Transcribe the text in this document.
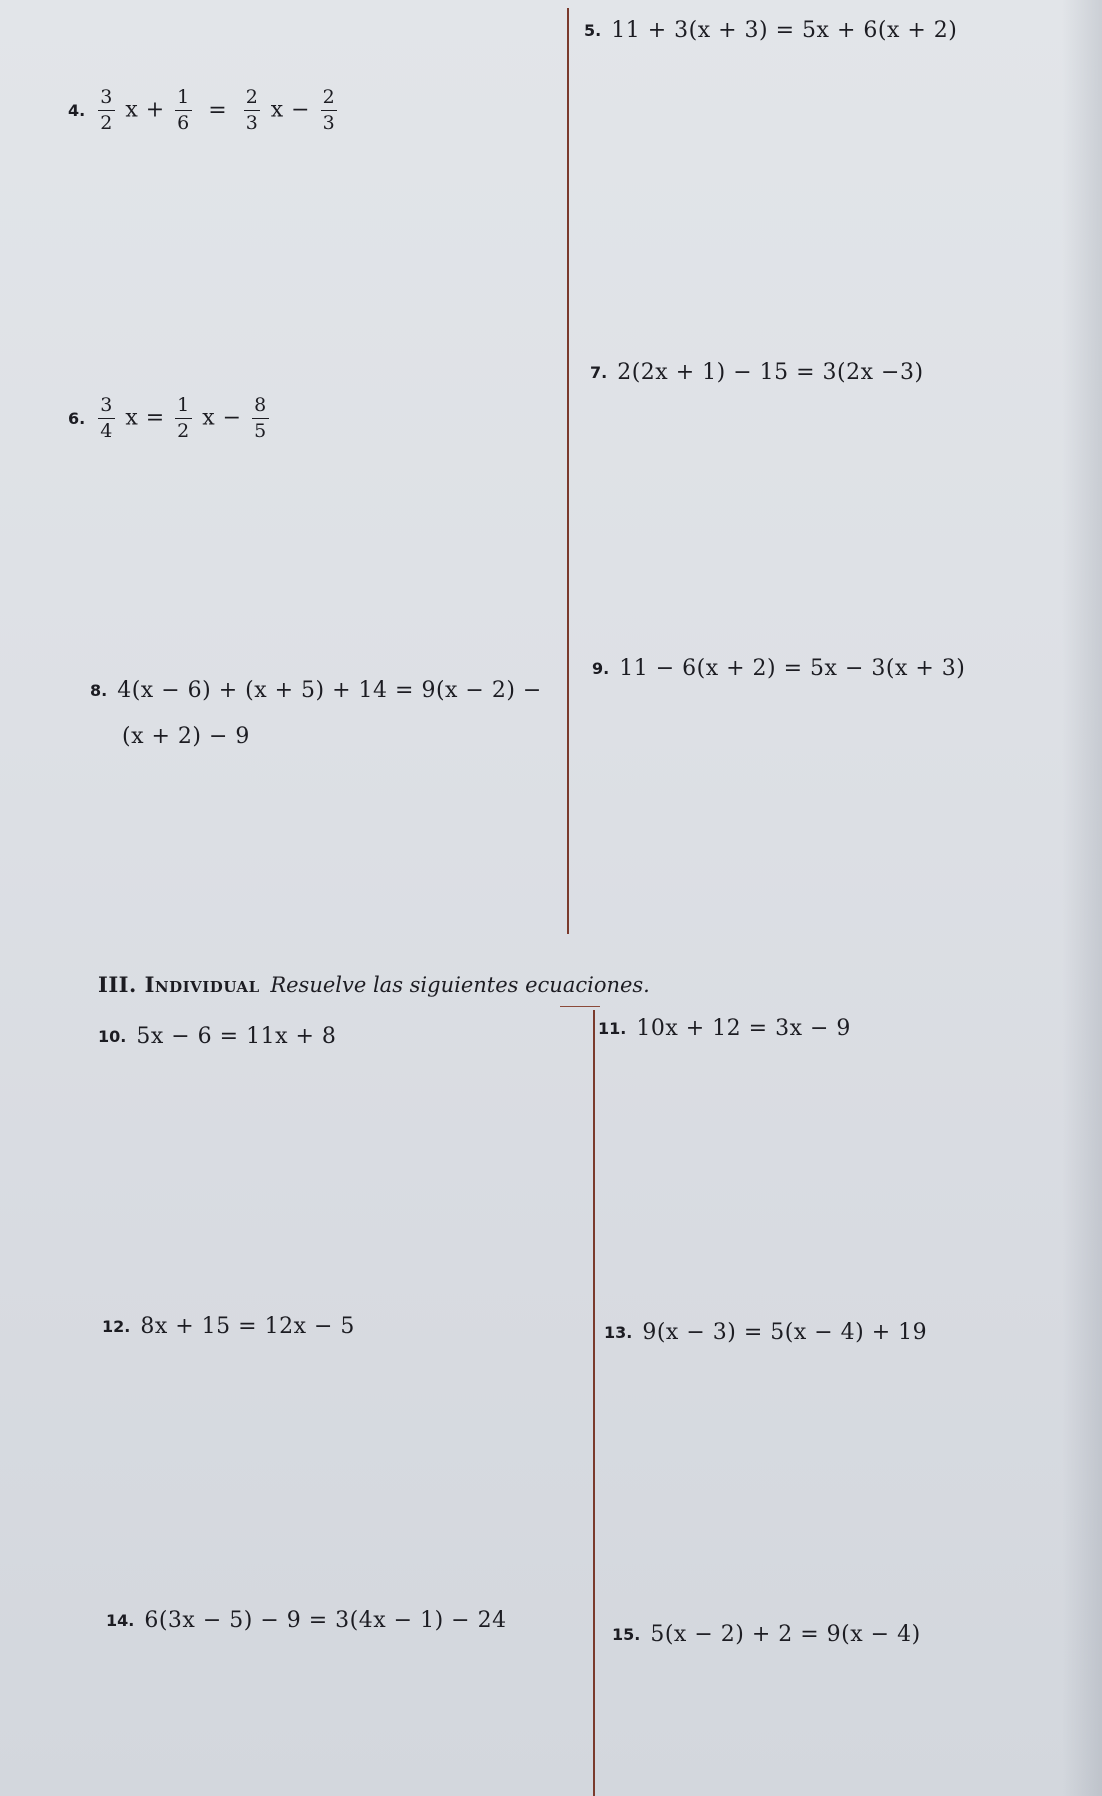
4. $\frac{3}{2}$ $x + \frac{1}{6} = \frac{2}{3}$ $x - \frac{2}{3}$
5. 11 + 3(x + 3) = 5x + 6(x + 2)
6. $\frac{3}{4}$ $x = \frac{1}{2}$ $x - \frac{8}{5}$
7. 2(2x + 1) − 15 = 3(2x −3)
8. 4(x − 6) + (x + 5) + 14 = 9(x − 2) −
(x + 2) − 9
9. 11 − 6(x + 2) = 5x − 3(x + 3)
III. Individual Resuelve las siguientes ecuaciones.
10. 5x − 6 = 11x + 8	11. 10x + 12 = 3x − 9
12. 8x + 15 = 12x − 5	13. 9(x − 3) = 5(x − 4) + 19
14. 6(3x − 5) − 9 = 3(4x − 1) − 24
15. 5(x − 2) + 2 = 9(x − 4)
